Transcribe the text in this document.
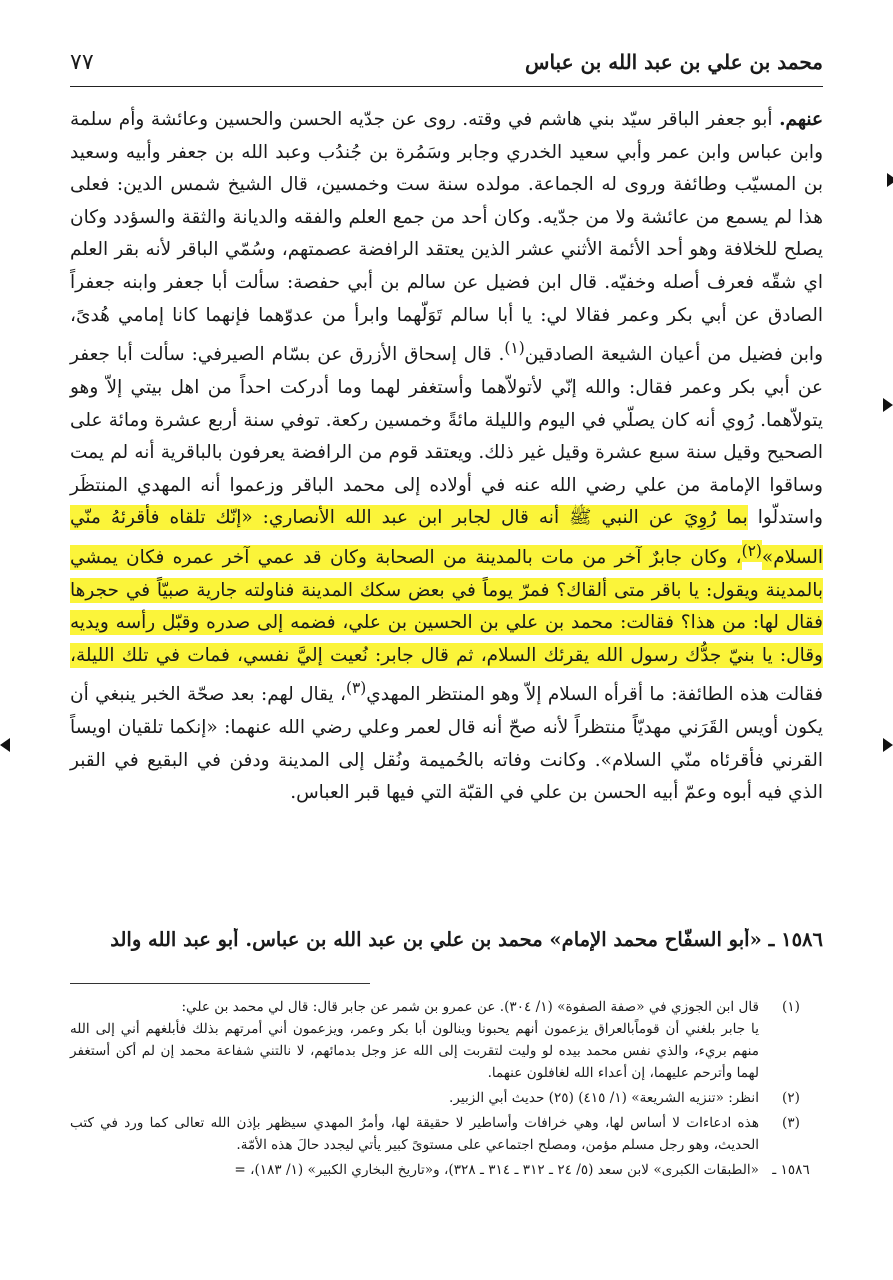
محمد بن علي بن عبد الله بن عباس
٧٧

عنهم. أبو جعفر الباقر سيّد بني هاشم في وقته. روى عن جدّيه الحسن والحسين وعائشة وأم سلمة وابن عباس وابن عمر وأبي سعيد الخدري وجابر وسَمُرة بن جُندُب وعبد الله بن جعفر وأبيه وسعيد بن المسيّب وطائفة وروى له الجماعة. مولده سنة ست وخمسين، قال الشيخ شمس الدين: فعلى هذا لم يسمع من عائشة ولا من جدّيه. وكان أحد من جمع العلم والفقه والديانة والثقة والسؤدد وكان يصلح للخلافة وهو أحد الأئمة الأثني عشر الذين يعتقد الرافضة عصمتهم، وسُمّي الباقر لأنه بقر العلم اي شقّه فعرف أصله وخفيّه. قال ابن فضيل عن سالم بن أبي حفصة: سألت أبا جعفر وابنه جعفراً الصادق عن أبي بكر وعمر فقالا لي: يا أبا سالم تَوَلّهما وابرأ من عدوّهما فإنهما كانا إمامي هُدىً، وابن فضيل من أعيان الشيعة الصادقين$^{(١)}$. قال إسحاق الأزرق عن بسّام الصيرفي: سألت أبا جعفر عن أبي بكر وعمر فقال: والله إنّي لأتولاّهما وأستغفر لهما وما أدركت احداً من اهل بيتي إلاّ وهو يتولاّهما. رُوي أنه كان يصلّي في اليوم والليلة مائةً وخمسين ركعة. توفي سنة أربع عشرة ومائة على الصحيح وقيل سنة سبع عشرة وقيل غير ذلك. ويعتقد قوم من الرافضة يعرفون بالباقرية أنه لم يمت وساقوا الإمامة من علي رضي الله عنه في أولاده إلى محمد الباقر وزعموا أنه المهدي المنتظَر واستدلّوا بما رُوِيَ عن النبي ﷺ أنه قال لجابر ابن عبد الله الأنصاري: «إنّك تلقاه فأقرئهُ منّي السلام»$^{(٢)}$، وكان جابرٌ آخر من مات بالمدينة من الصحابة وكان قد عمي آخر عمره فكان يمشي بالمدينة ويقول: يا باقر متى ألقاك؟ فمرّ يوماً في بعض سكك المدينة فناولته جارية صبيّاً في حجرها فقال لها: من هذا؟ فقالت: محمد بن علي بن الحسين بن علي، فضمه إلى صدره وقبّل رأسه ويديه وقال: يا بنيّ جدُّك رسول الله يقرئك السلام، ثم قال جابر: نُعيت إليَّ نفسي، فمات في تلك الليلة، فقالت هذه الطائفة: ما أقرأه السلام إلاّ وهو المنتظر المهدي$^{(٣)}$، يقال لهم: بعد صحّة الخبر ينبغي أن يكون أويس القَرَني مهديّاً منتظراً لأنه صحّ أنه قال لعمر وعلي رضي الله عنهما: «إنكما تلقيان اويساً القرني فأقرئاه منّي السلام». وكانت وفاته بالحُميمة ونُقل إلى المدينة ودفن في البقيع في القبر الذي فيه أبوه وعمّ أبيه الحسن بن علي في القبّة التي فيها قبر العباس.

١٥٨٦ ـ «أبو السفّاح محمد الإمام» محمد بن علي بن عبد الله بن عباس. أبو عبد الله والد
(١)

قال ابن الجوزي في «صفة الصفوة» (١/ ٣٠٤). عن عمرو بن شمر عن جابر قال: قال لي محمد بن علي:

يا جابر بلغني أن قوماًبالعراق يزعمون أنهم يحبونا وينالون أبا بكر وعمر، ويزعمون أني أمرتهم بذلك فأبلغهم أني إلى الله منهم بريء، والذي نفس محمد بيده لو وليت لتقربت إلى الله عز وجل بدمائهم، لا نالتني شفاعة محمد إن لم أكن أستغفر لهما وأترحم عليهما، إن أعداء الله لغافلون عنهما.

(٢)

انظر: «تنزيه الشريعة» (١/ ٤١٥) (٢٥) حديث أبي الزبير.

(٣)

هذه ادعاءات لا أساس لها، وهي خرافات وأساطير لا حقيقة لها، وأمرُ المهدي سيظهر بإذن الله تعالى كما ورد في كتب الحديث، وهو رجل مسلم مؤمن، ومصلح اجتماعي على مستوىً كبير يأتي ليجدد حالَ هذه الأمّة.

١٥٨٦ ـ

«الطبقات الكبرى» لابن سعد (٥/ ٢٤ ـ ٣١٢ ـ ٣١٤ ـ ٣٢٨)، و«تاريخ البخاري الكبير» (١/ ١٨٣)، =
